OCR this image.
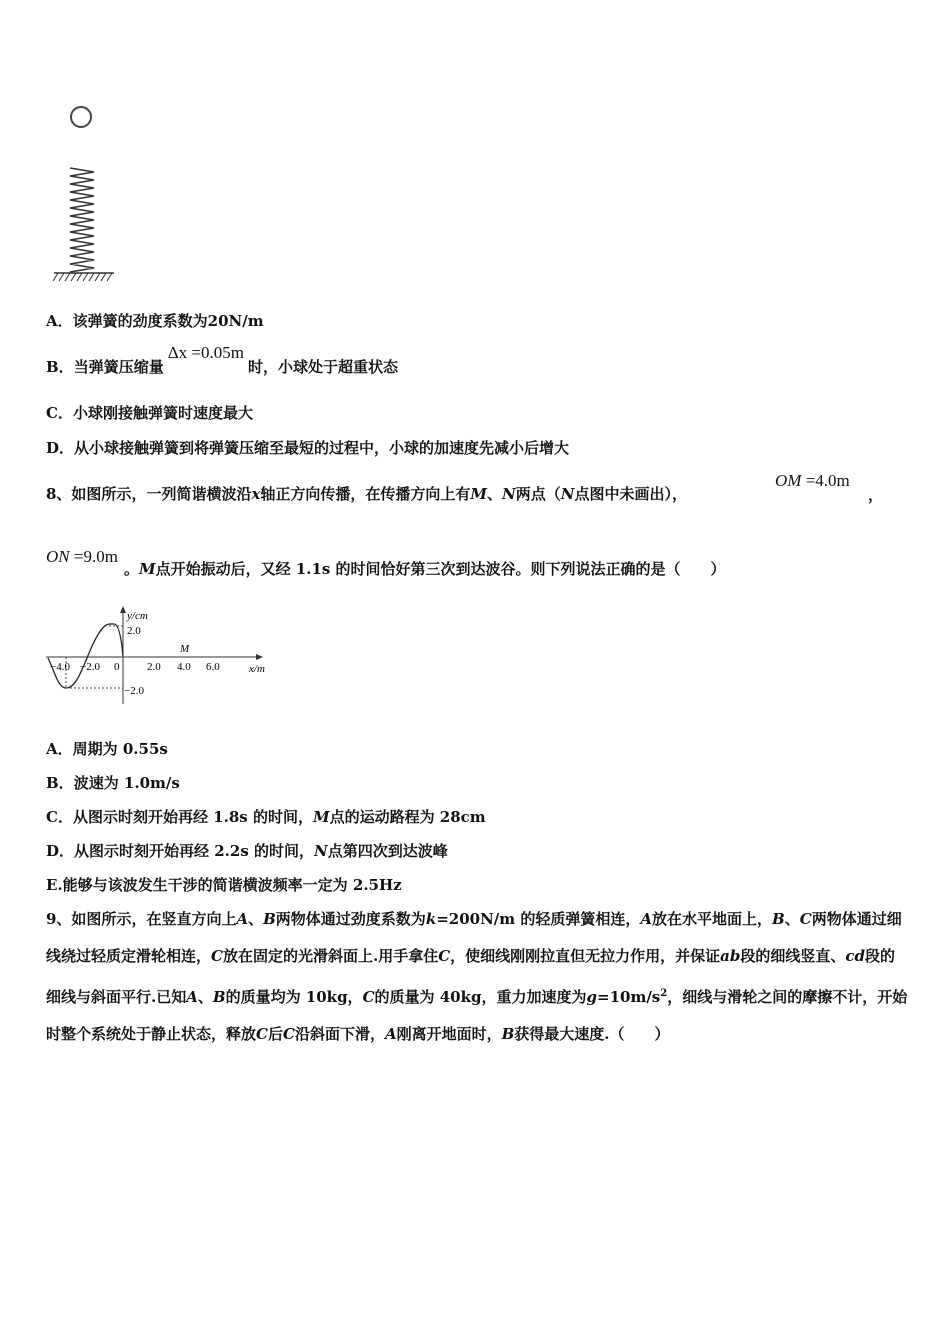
A．该弹簧的劲度系数为20N/m
B．当弹簧压缩量Δx =0.05m时，小球处于超重状态
C．小球刚接触弹簧时速度最大
D．从小球接触弹簧到将弹簧压缩至最短的过程中，小球的加速度先减小后增大
8、如图所示，一列简谐横波沿x轴正方向传播，在传播方向上有M、N两点（N点图中未画出），
OM =4.0m
，
ON =9.0m。M点开始振动后，又经 1.1s 的时间恰好第三次到达波谷。则下列说法正确的是（　　）
y/cm
2.0
−2.0
−4.0 −2.0 0	2.0 4.0 6.0
M
x/m
A．周期为 0.55s
B．波速为 1.0m/s
C．从图示时刻开始再经 1.8s 的时间，M点的运动路程为 28cm
D．从图示时刻开始再经 2.2s 的时间，N点第四次到达波峰
E.能够与该波发生干涉的简谐横波频率一定为 2.5Hz
9、如图所示，在竖直方向上A、B两物体通过劲度系数为k=200N/m 的轻质弹簧相连，A放在水平地面上，B、C两物体通过细线绕过轻质定滑轮相连，C放在固定的光滑斜面上.用手拿住C，使细线刚刚拉直但无拉力作用，并保证ab段的细线竖直、cd段的细线与斜面平行.已知A、B的质量均为 10kg，C的质量为 40kg，重力加速度为$g=10m/s^2$，细线与滑轮之间的摩擦不计，开始时整个系统处于静止状态，释放C后C沿斜面下滑，A刚离开地面时，B获得最大速度.（　　）
